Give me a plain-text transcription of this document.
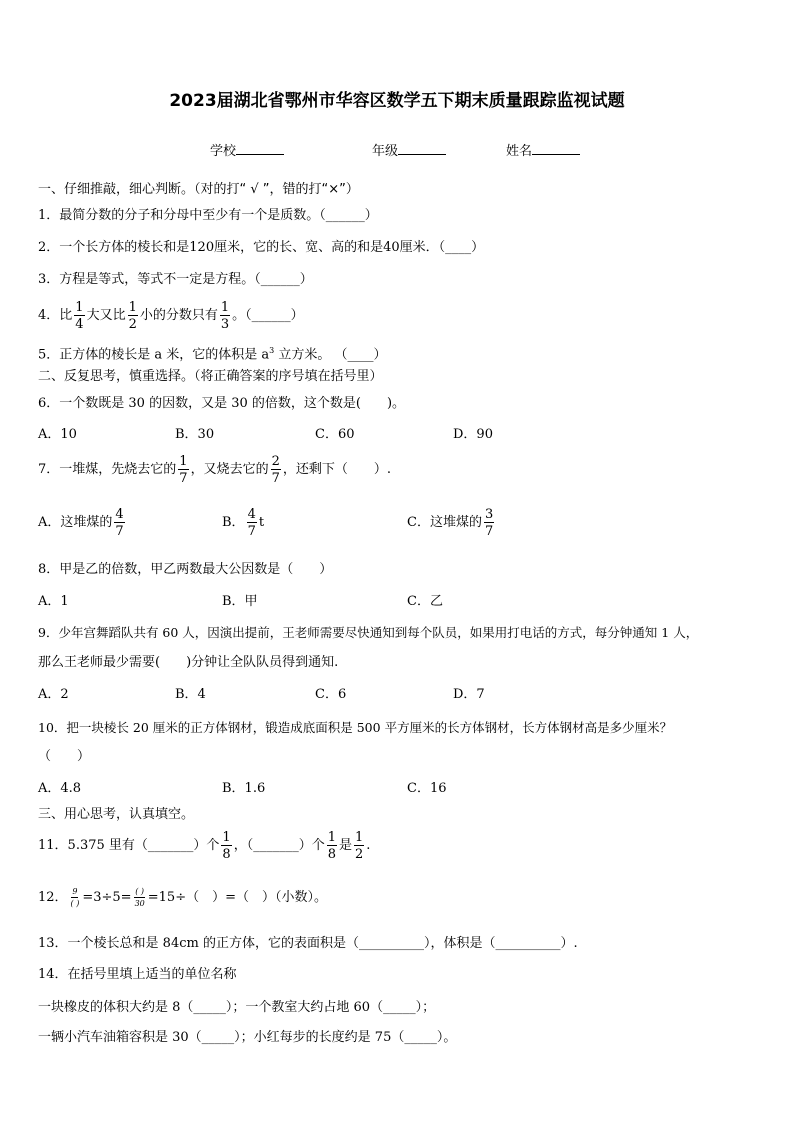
2023届湖北省鄂州市华容区数学五下期末质量跟踪监视试题
学校	年级	姓名
一、仔细推敲，细心判断。（对的打“ √ ”，错的打“×”）
1．最简分数的分子和分母中至少有一个是质数。（______）
2．一个长方体的棱长和是120厘米，它的长、宽、高的和是40厘米．（____）
3．方程是等式，等式不一定是方程。（______）
4．比 $\frac{1}{4}$ 大又比 $\frac{1}{2}$ 小的分数只有 $\frac{1}{3}$ 。（______）
5．正方体的棱长是 a 米，它的体积是 $a^3$ 立方米。 （____）
二、反复思考，慎重选择。（将正确答案的序号填在括号里）
6．一个数既是 30 的因数，又是 30 的倍数，这个数是(　　)。
A．10	B．30	C．60	D．90
7．一堆煤，先烧去它的 $\frac{1}{7}$ ，又烧去它的 $\frac{2}{7}$ ，还剩下（　　）.
A．这堆煤的 $\frac{4}{7}$	B． $\frac{4}{7}$ t	C．这堆煤的 $\frac{3}{7}$
8．甲是乙的倍数，甲乙两数最大公因数是（　　）
A．1	B．甲	C．乙
9．少年宫舞蹈队共有 60 人，因演出提前，王老师需要尽快通知到每个队员，如果用打电话的方式，每分钟通知 1 人，
那么王老师最少需要(　　)分钟让全队队员得到通知.
A．2	B．4	C．6	D．7
10．把一块棱长 20 厘米的正方体钢材，锻造成底面积是 500 平方厘米的长方体钢材，长方体钢材高是多少厘米？
（　　）
A．4.8	B．1.6	C．16
三、用心思考，认真填空。
11．5.375 里有（_______）个 $\frac{1}{8}$ ，（_______）个 $\frac{1}{8}$ 是 $\frac{1}{2}$ .
12． $\frac{9}{( )} =3\div 5= \frac{( )}{30} =15\div$（　）=（　）（小数）。
13．一个棱长总和是 84cm 的正方体，它的表面积是（__________），体积是（__________）.
14．在括号里填上适当的单位名称
一块橡皮的体积大约是 8（_____）；一个教室大约占地 60（_____）；
一辆小汽车油箱容积是 30（_____）；小红每步的长度约是 75（_____）。
